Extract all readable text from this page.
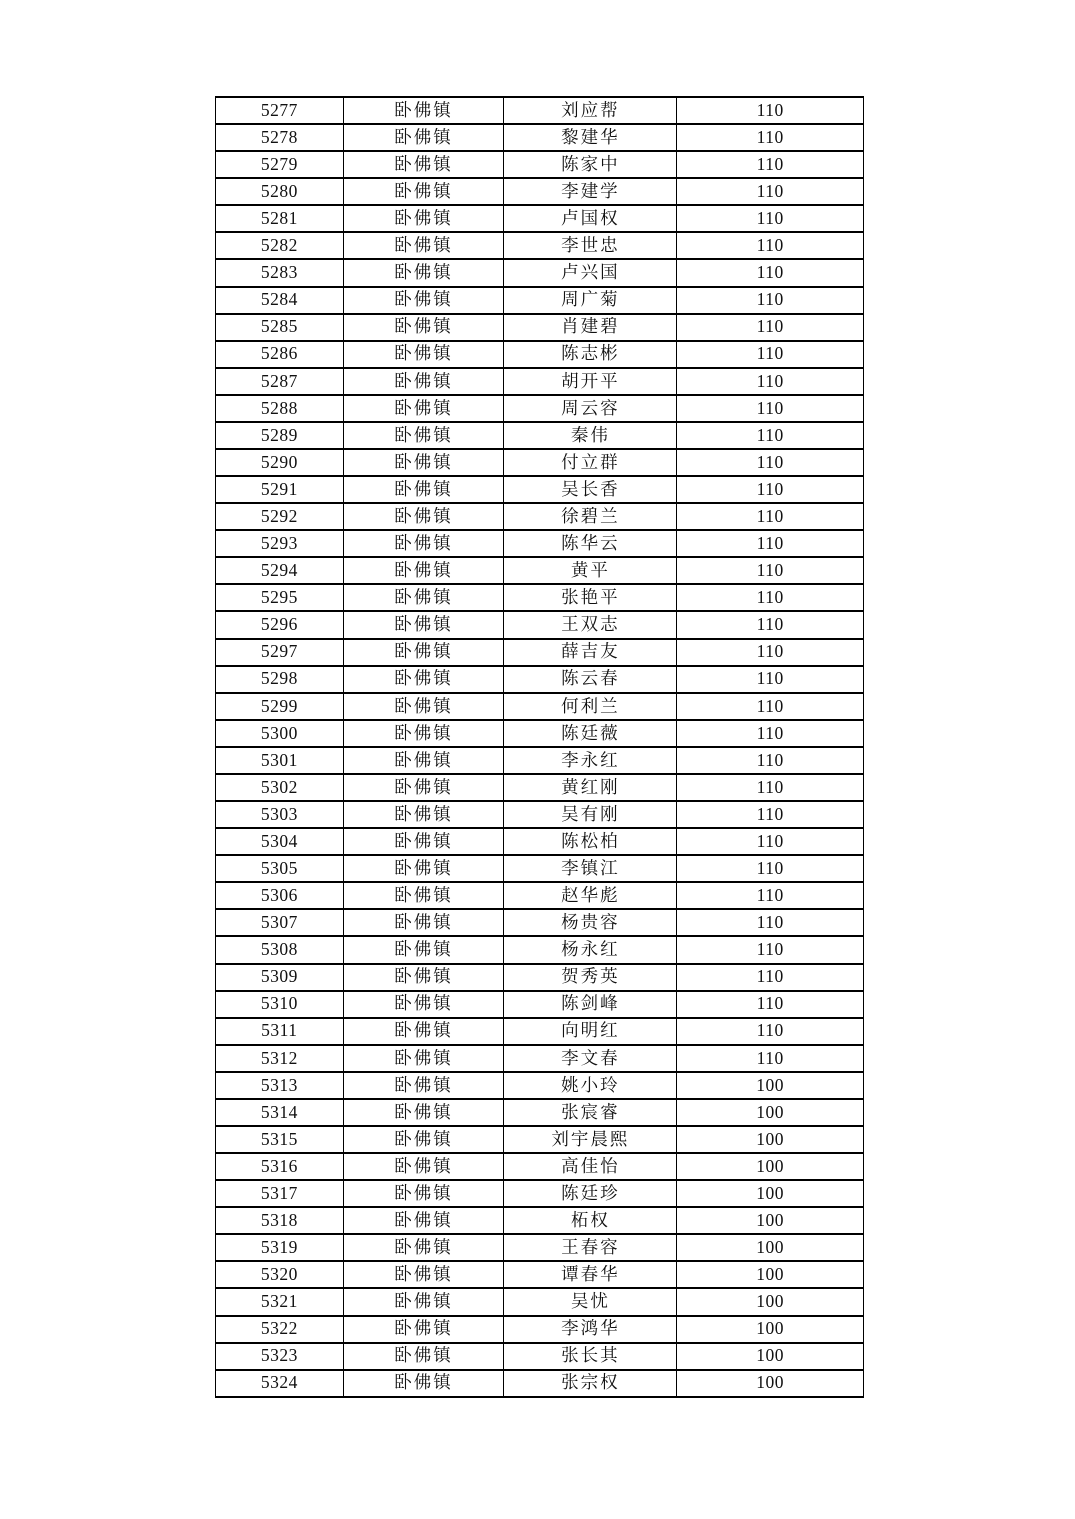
5277	卧佛镇	刘应帮	110
5278	卧佛镇	黎建华	110
5279	卧佛镇	陈家中	110
5280	卧佛镇	李建学	110
5281	卧佛镇	卢国权	110
5282	卧佛镇	李世忠	110
5283	卧佛镇	卢兴国	110
5284	卧佛镇	周广菊	110
5285	卧佛镇	肖建碧	110
5286	卧佛镇	陈志彬	110
5287	卧佛镇	胡开平	110
5288	卧佛镇	周云容	110
5289	卧佛镇	秦伟	110
5290	卧佛镇	付立群	110
5291	卧佛镇	吴长香	110
5292	卧佛镇	徐碧兰	110
5293	卧佛镇	陈华云	110
5294	卧佛镇	黄平	110
5295	卧佛镇	张艳平	110
5296	卧佛镇	王双志	110
5297	卧佛镇	薛吉友	110
5298	卧佛镇	陈云春	110
5299	卧佛镇	何利兰	110
5300	卧佛镇	陈廷薇	110
5301	卧佛镇	李永红	110
5302	卧佛镇	黄红刚	110
5303	卧佛镇	吴有刚	110
5304	卧佛镇	陈松柏	110
5305	卧佛镇	李镇江	110
5306	卧佛镇	赵华彪	110
5307	卧佛镇	杨贵容	110
5308	卧佛镇	杨永红	110
5309	卧佛镇	贺秀英	110
5310	卧佛镇	陈剑峰	110
5311	卧佛镇	向明红	110
5312	卧佛镇	李文春	110
5313	卧佛镇	姚小玲	100
5314	卧佛镇	张宸睿	100
5315	卧佛镇	刘宇晨熙	100
5316	卧佛镇	高佳怡	100
5317	卧佛镇	陈廷珍	100
5318	卧佛镇	柘权	100
5319	卧佛镇	王春容	100
5320	卧佛镇	谭春华	100
5321	卧佛镇	吴忧	100
5322	卧佛镇	李鸿华	100
5323	卧佛镇	张长其	100
5324	卧佛镇	张宗权	100
